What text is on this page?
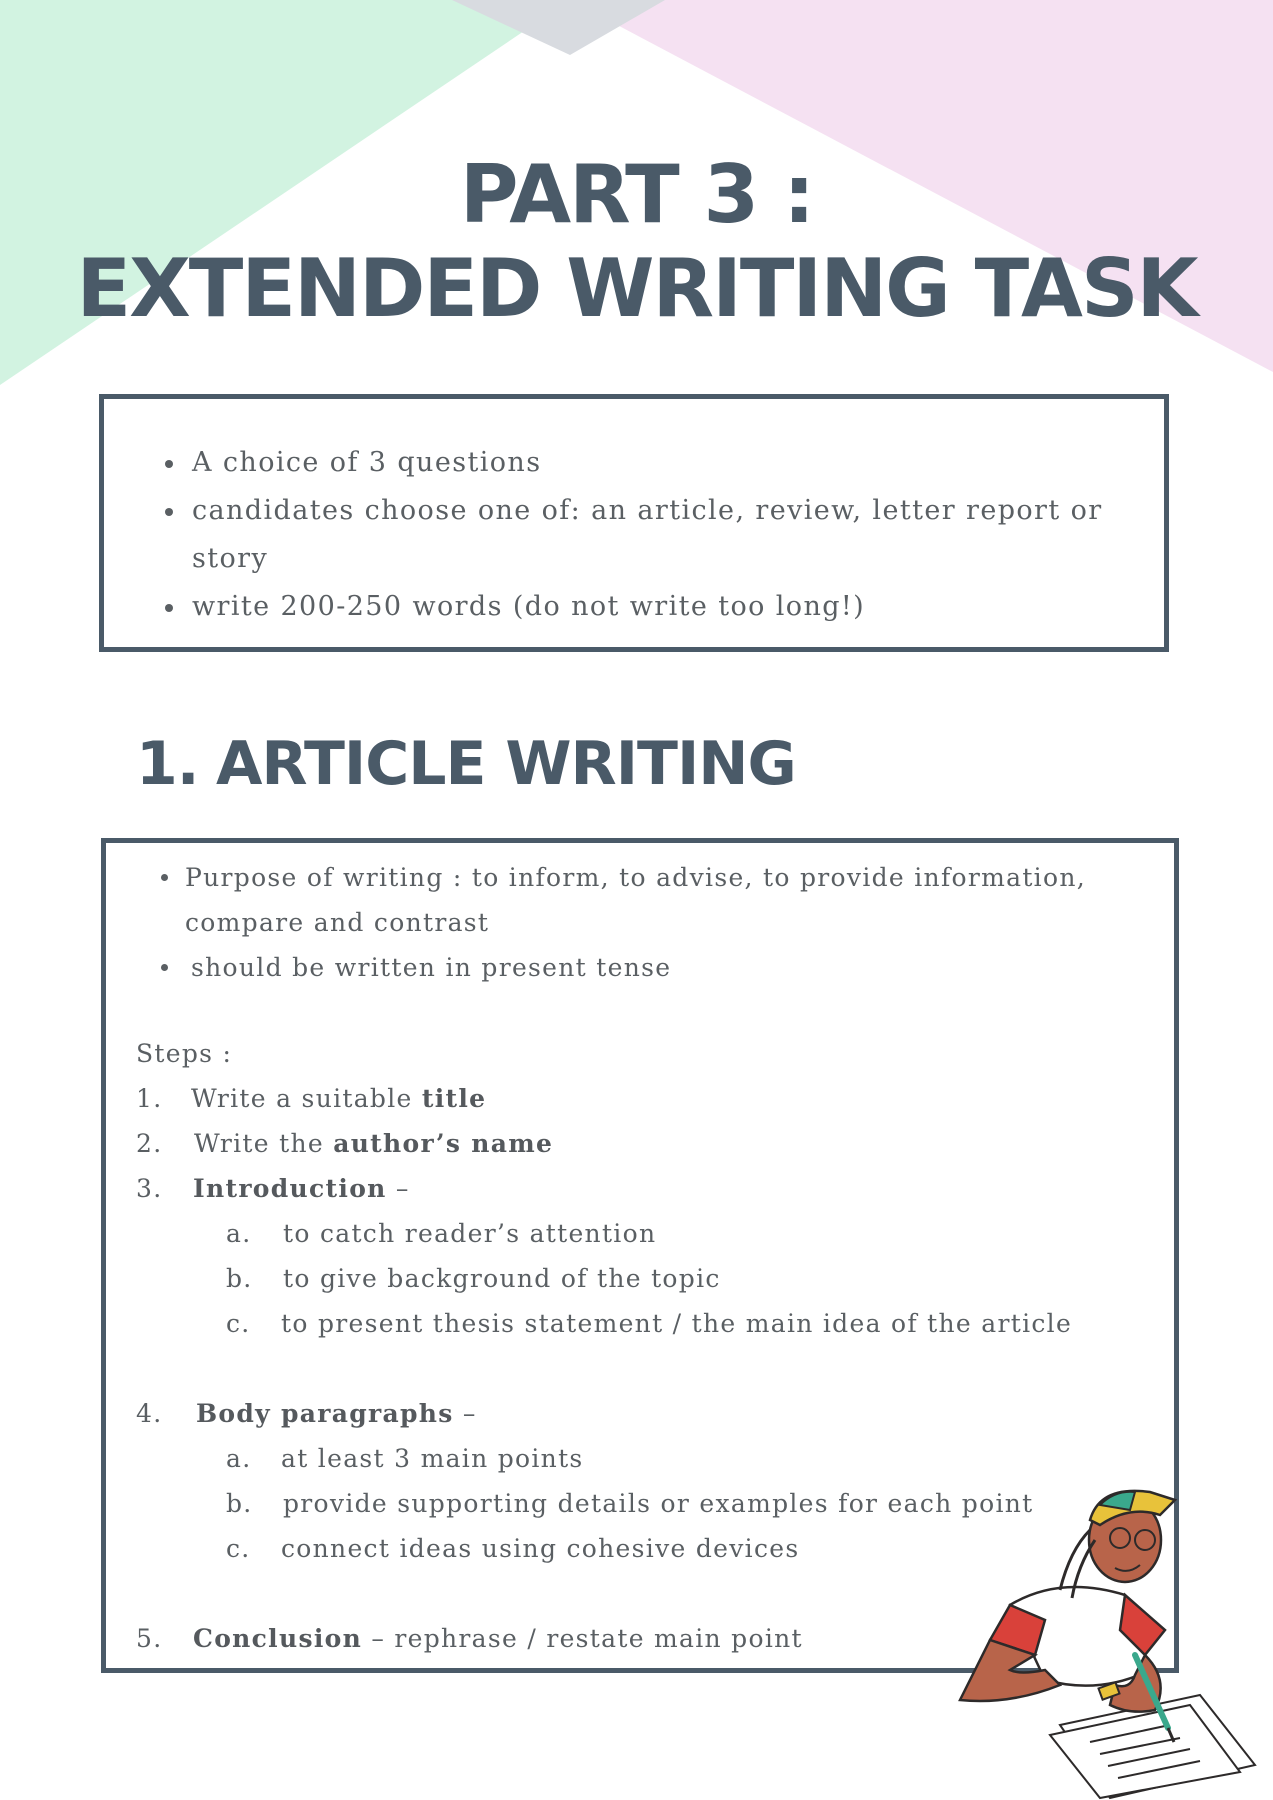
PART 3 :
EXTENDED WRITING TASK
A choice of 3 questions
candidates choose one of: an article, review, letter report or story
write 200-250 words (do not write too long!)
1. ARTICLE WRITING
Purpose of writing : to inform, to advise, to provide information, compare and contrast
should be written in present tense
Steps :
1. Write a suitable title
2. Write the author’s name
3. Introduction –
a. to catch reader’s attention
b. to give background of the topic
c. to present thesis statement / the main idea of the article
4. Body paragraphs –
a. at least 3 main points
b. provide supporting details or examples for each point
c. connect ideas using cohesive devices
5. Conclusion – rephrase / restate main point
